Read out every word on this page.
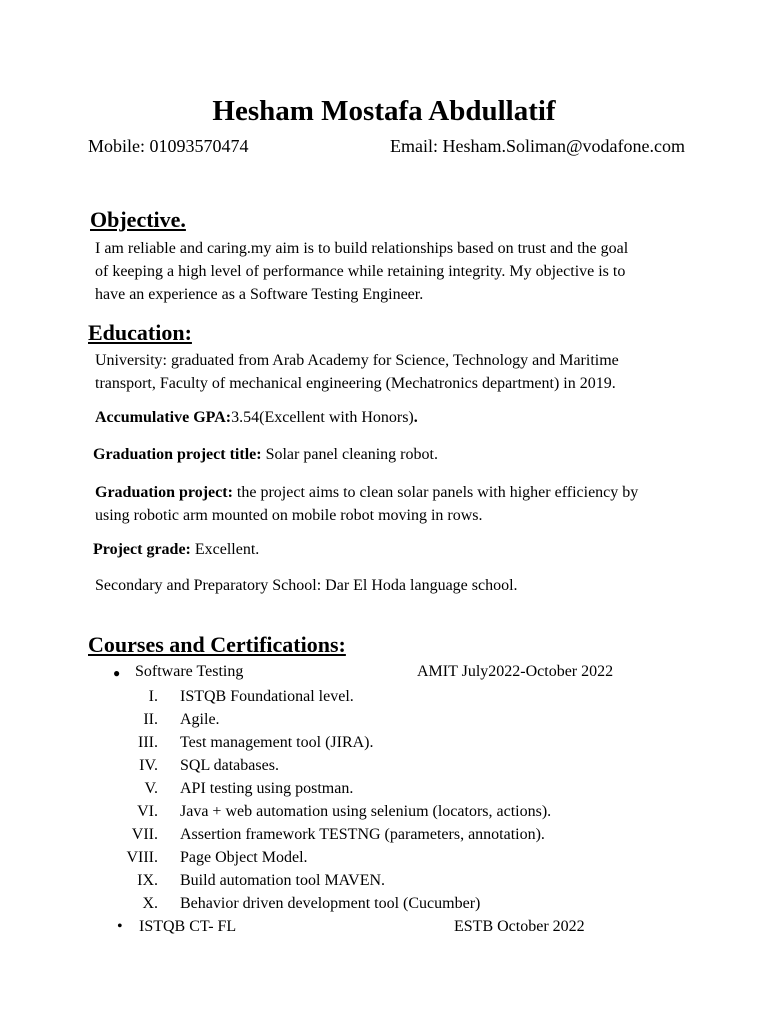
Hesham Mostafa Abdullatif
Mobile: 01093570474	Email: Hesham.Soliman@vodafone.com
Objective.
I am reliable and caring.my aim is to build relationships based on trust and the goal
of keeping a high level of performance while retaining integrity. My objective is to
have an experience as a Software Testing Engineer.
Education:
University: graduated from Arab Academy for Science, Technology and Maritime
transport, Faculty of mechanical engineering (Mechatronics department) in 2019.
Accumulative GPA:3.54(Excellent with Honors).
Graduation project title: Solar panel cleaning robot.
Graduation project: the project aims to clean solar panels with higher efficiency by
using robotic arm mounted on mobile robot moving in rows.
Project grade: Excellent.
Secondary and Preparatory School: Dar El Hoda language school.
Courses and Certifications:
● Software Testing	AMIT July2022-October 2022
I. ISTQB Foundational level.
II. Agile.
III. Test management tool (JIRA).
IV. SQL databases.
V. API testing using postman.
VI. Java + web automation using selenium (locators, actions).
VII. Assertion framework TESTNG (parameters, annotation).
VIII. Page Object Model.
IX. Build automation tool MAVEN.
X. Behavior driven development tool (Cucumber)
• ISTQB CT- FL	ESTB October 2022
